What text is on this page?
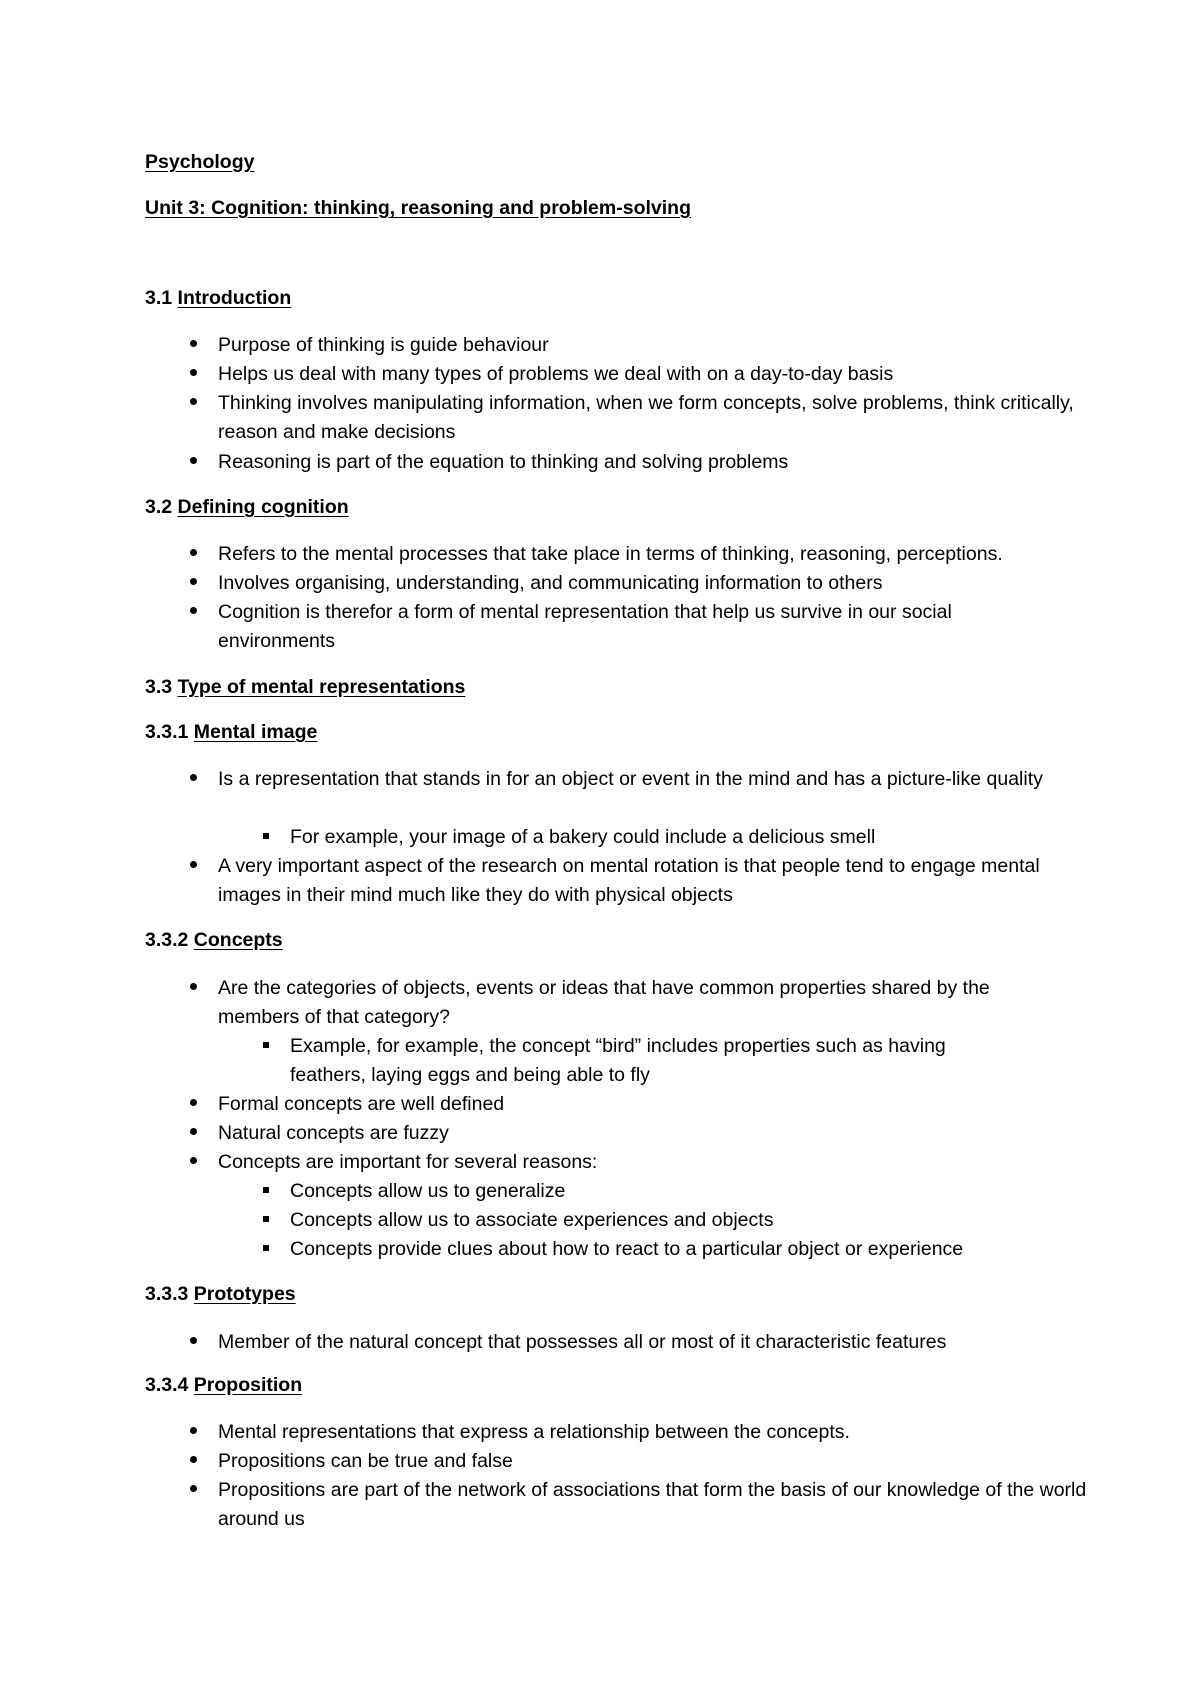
Psychology
Unit 3: Cognition: thinking, reasoning and problem-solving
3.1 Introduction
Purpose of thinking is guide behaviour
Helps us deal with many types of problems we deal with on a day-to-day basis
Thinking involves manipulating information, when we form concepts, solve problems, think critically, reason and make decisions
Reasoning is part of the equation to thinking and solving problems
3.2 Defining cognition
Refers to the mental processes that take place in terms of thinking, reasoning, perceptions.
Involves organising, understanding, and communicating information to others
Cognition is therefor a form of mental representation that help us survive in our social environments
3.3 Type of mental representations
3.3.1 Mental image
Is a representation that stands in for an object or event in the mind and has a picture-like quality
For example, your image of a bakery could include a delicious smell
A very important aspect of the research on mental rotation is that people tend to engage mental images in their mind much like they do with physical objects
3.3.2 Concepts
Are the categories of objects, events or ideas that have common properties shared by the members of that category?
Example, for example, the concept “bird” includes properties such as having feathers, laying eggs and being able to fly
Formal concepts are well defined
Natural concepts are fuzzy
Concepts are important for several reasons:
Concepts allow us to generalize
Concepts allow us to associate experiences and objects
Concepts provide clues about how to react to a particular object or experience
3.3.3 Prototypes
Member of the natural concept that possesses all or most of it characteristic features
3.3.4 Proposition
Mental representations that express a relationship between the concepts.
Propositions can be true and false
Propositions are part of the network of associations that form the basis of our knowledge of the world around us
